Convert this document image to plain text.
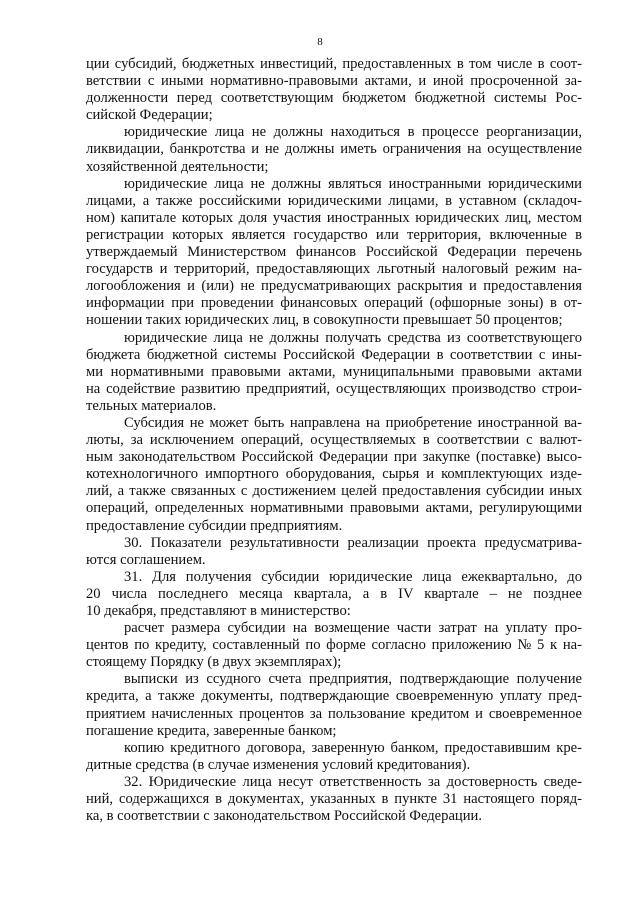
8
ции субсидий, бюджетных инвестиций, предоставленных в том числе в соот-
ветствии с иными нормативно-правовыми актами, и иной просроченной за-
долженности перед соответствующим бюджетом бюджетной системы Рос-
сийской Федерации;
юридические лица не должны находиться в процессе реорганизации,
ликвидации, банкротства и не должны иметь ограничения на осуществление
хозяйственной деятельности;
юридические лица не должны являться иностранными юридическими
лицами, а также российскими юридическими лицами, в уставном (складоч-
ном) капитале которых доля участия иностранных юридических лиц, местом
регистрации которых является государство или территория, включенные в
утверждаемый Министерством финансов Российской Федерации перечень
государств и территорий, предоставляющих льготный налоговый режим на-
логообложения и (или) не предусматривающих раскрытия и предоставления
информации при проведении финансовых операций (офшорные зоны) в от-
ношении таких юридических лиц, в совокупности превышает 50 процентов;
юридические лица не должны получать средства из соответствующего
бюджета бюджетной системы Российской Федерации в соответствии с ины-
ми нормативными правовыми актами, муниципальными правовыми актами
на содействие развитию предприятий, осуществляющих производство строи-
тельных материалов.
Субсидия не может быть направлена на приобретение иностранной ва-
люты, за исключением операций, осуществляемых в соответствии с валют-
ным законодательством Российской Федерации при закупке (поставке) высо-
котехнологичного импортного оборудования, сырья и комплектующих изде-
лий, а также связанных с достижением целей предоставления субсидии иных
операций, определенных нормативными правовыми актами, регулирующими
предоставление субсидии предприятиям.
30. Показатели результативности реализации проекта предусматрива-
ются соглашением.
31. Для получения субсидии юридические лица ежеквартально, до
20 числа последнего месяца квартала, а в IV квартале – не позднее
10 декабря, представляют в министерство:
расчет размера субсидии на возмещение части затрат на уплату про-
центов по кредиту, составленный по форме согласно приложению № 5 к на-
стоящему Порядку (в двух экземплярах);
выписки из ссудного счета предприятия, подтверждающие получение
кредита, а также документы, подтверждающие своевременную уплату пред-
приятием начисленных процентов за пользование кредитом и своевременное
погашение кредита, заверенные банком;
копию кредитного договора, заверенную банком, предоставившим кре-
дитные средства (в случае изменения условий кредитования).
32. Юридические лица несут ответственность за достоверность сведе-
ний, содержащихся в документах, указанных в пункте 31 настоящего поряд-
ка, в соответствии с законодательством Российской Федерации.
